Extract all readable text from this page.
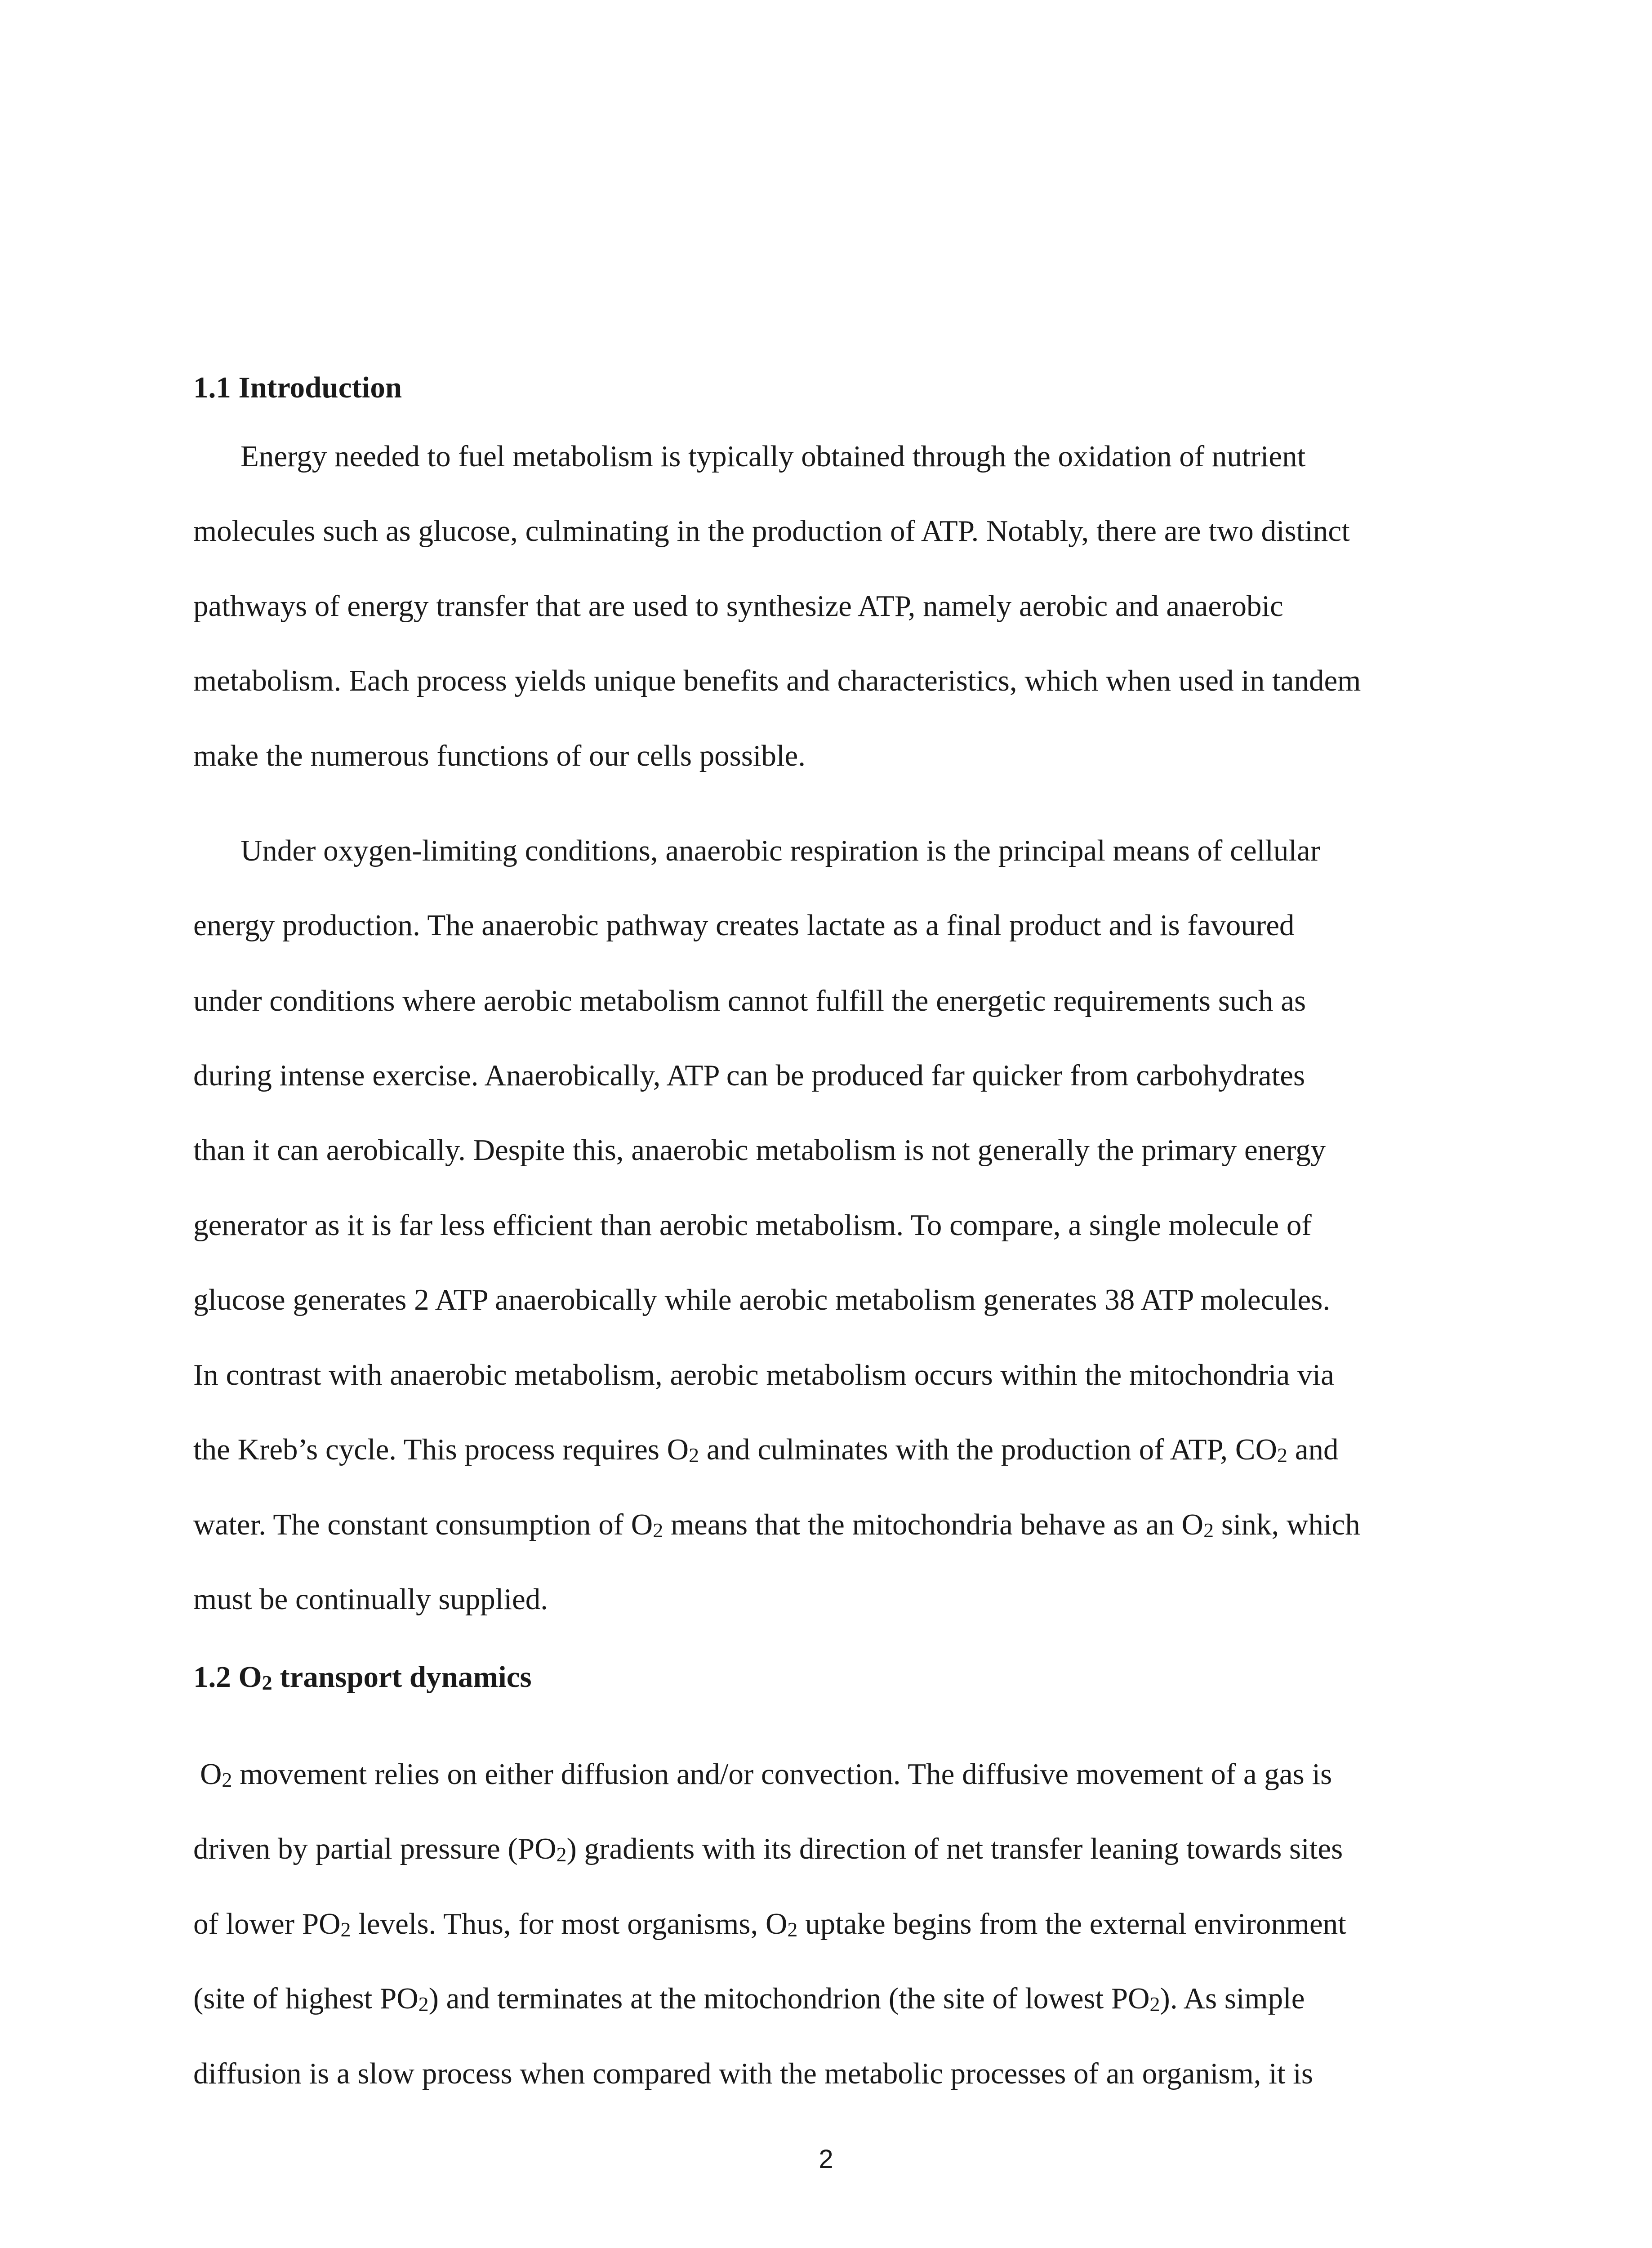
1.1 Introduction

Energy needed to fuel metabolism is typically obtained through the oxidation of nutrient

molecules such as glucose, culminating in the production of ATP. Notably, there are two distinct

pathways of energy transfer that are used to synthesize ATP, namely aerobic and anaerobic

metabolism. Each process yields unique benefits and characteristics, which when used in tandem

make the numerous functions of our cells possible.

Under oxygen-limiting conditions, anaerobic respiration is the principal means of cellular

energy production. The anaerobic pathway creates lactate as a final product and is favoured

under conditions where aerobic metabolism cannot fulfill the energetic requirements such as

during intense exercise. Anaerobically, ATP can be produced far quicker from carbohydrates

than it can aerobically. Despite this, anaerobic metabolism is not generally the primary energy

generator as it is far less efficient than aerobic metabolism. To compare, a single molecule of

glucose generates 2 ATP anaerobically while aerobic metabolism generates 38 ATP molecules.

In contrast with anaerobic metabolism, aerobic metabolism occurs within the mitochondria via

the Kreb’s cycle. This process requires $O_2$ and culminates with the production of ATP, $CO_2$ and

water. The constant consumption of $O_2$ means that the mitochondria behave as an $O_2$ sink, which

must be continually supplied.

1.2 $O_2$ transport dynamics

$O_2$ movement relies on either diffusion and/or convection. The diffusive movement of a gas is

driven by partial pressure $(PO_2)$ gradients with its direction of net transfer leaning towards sites

of lower $PO_2$ levels. Thus, for most organisms, $O_2$ uptake begins from the external environment

(site of highest $PO_2$) and terminates at the mitochondrion (the site of lowest $PO_2$). As simple

diffusion is a slow process when compared with the metabolic processes of an organism, it is

2
